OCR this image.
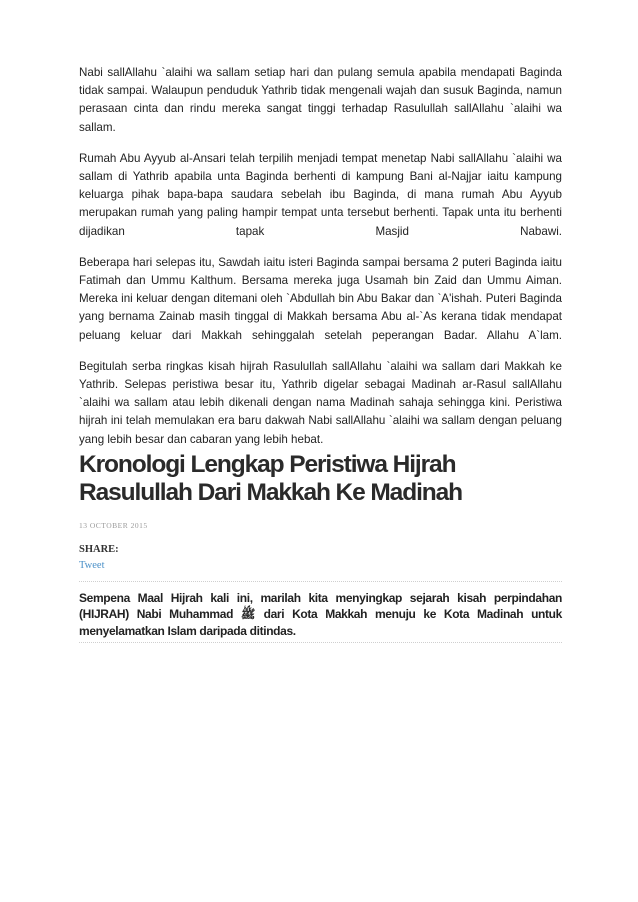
Nabi sallAllahu `alaihi wa sallam setiap hari dan pulang semula apabila mendapati Baginda tidak sampai. Walaupun penduduk Yathrib tidak mengenali wajah dan susuk Baginda, namun perasaan cinta dan rindu mereka sangat tinggi terhadap Rasulullah sallAllahu `alaihi wa sallam.

Rumah Abu Ayyub al-Ansari telah terpilih menjadi tempat menetap Nabi sallAllahu `alaihi wa sallam di Yathrib apabila unta Baginda berhenti di kampung Bani al-Najjar iaitu kampung keluarga pihak bapa-bapa saudara sebelah ibu Baginda, di mana rumah Abu Ayyub merupakan rumah yang paling hampir tempat unta tersebut berhenti. Tapak unta itu berhenti dijadikan tapak Masjid Nabawi.

Beberapa hari selepas itu, Sawdah iaitu isteri Baginda sampai bersama 2 puteri Baginda iaitu Fatimah dan Ummu Kalthum. Bersama mereka juga Usamah bin Zaid dan Ummu Aiman. Mereka ini keluar dengan ditemani oleh `Abdullah bin Abu Bakar dan `A'ishah. Puteri Baginda yang bernama Zainab masih tinggal di Makkah bersama Abu al-`As kerana tidak mendapat peluang keluar dari Makkah sehinggalah setelah peperangan Badar. Allahu A`lam.

Begitulah serba ringkas kisah hijrah Rasulullah sallAllahu `alaihi wa sallam dari Makkah ke Yathrib. Selepas peristiwa besar itu, Yathrib digelar sebagai Madinah ar-Rasul sallAllahu `alaihi wa sallam atau lebih dikenali dengan nama Madinah sahaja sehingga kini. Peristiwa hijrah ini telah memulakan era baru dakwah Nabi sallAllahu `alaihi wa sallam dengan peluang yang lebih besar dan cabaran yang lebih hebat.

Kronologi Lengkap Peristiwa Hijrah Rasulullah Dari Makkah Ke Madinah
13 OCTOBER 2015
SHARE:
Tweet

Sempena Maal Hijrah kali ini, marilah kita menyingkap sejarah kisah perpindahan (HIJRAH) Nabi Muhammad ﷺ dari Kota Makkah menuju ke Kota Madinah untuk menyelamatkan Islam daripada ditindas.
